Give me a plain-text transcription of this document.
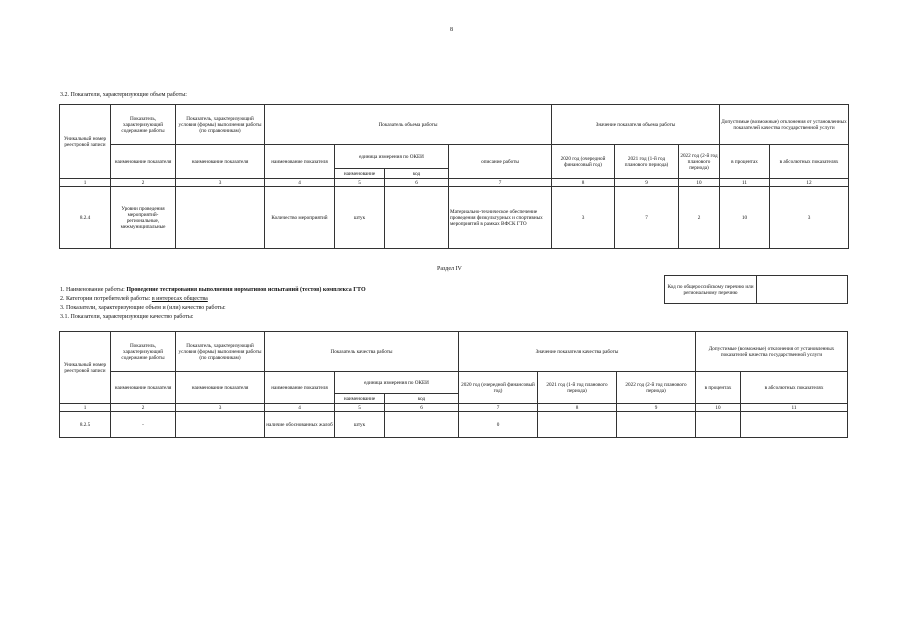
8
3.2. Показатели, характеризующие объем работы:
Уникальный номер реестровой записи	Показатель, характеризующий содержание работы	Показатель, характеризующий условия (формы) выполнения работы (по справочникам)	Показатель объема работы				Значение показателя объема работы			Допустимые (возможные) отклонения от установленных показателей качества государственной услуги	
	наименование показателя	наименование показателя	наименование показателя	единица измерения по ОКЕИ		описание работы	2020 год (очередной финансовый год)	2021 год (1-й год планового периода)	2022 год (2-й год планового периода)	в процентах	в абсолютных показателях
				наименование	код						
1	2	3	4	5	6	7	8	9	10	11	12
8.2.4	Уровни проведения мероприятий- региональные, межмуниципальные		Количество мероприятий	штук		Материально-техническое обеспечение проведения физкультурных и спортивных мероприятий в рамках ВФСК ГТО	3	7	2	10	3
Раздел IV
Код по общероссийскому перечню или региональному перечню	
1. Наименование работы: Проведение тестирования выполнения нормативов испытаний (тестов) комплекса ГТО
2. Категории потребителей работы: в интересах общества
3. Показатели, характеризующие объем и (или) качество работы:
3.1. Показатели, характеризующие качество работы:
Уникальный номер реестровой записи	Показатель, характеризующий содержание работы	Показатель, характеризующий условия (формы) выполнения работы (по справочникам)	Показатель качества работы			Значение показателя качества работы			Допустимые (возможные) отклонения от установленных показателей качества государственной услуги	
	наименование показателя	наименование показателя	наименование показателя	единица измерения по ОКЕИ		2020 год (очередной финансовый год)	2021 год (1-й год планового периода)	2022 год (2-й год планового периода)	в процентах	в абсолютных показателях
				наименование	код					
1	2	3	4	5	6	7	8	9	10	11
8.2.5	-		наличие обоснованных жалоб	штук		0				
